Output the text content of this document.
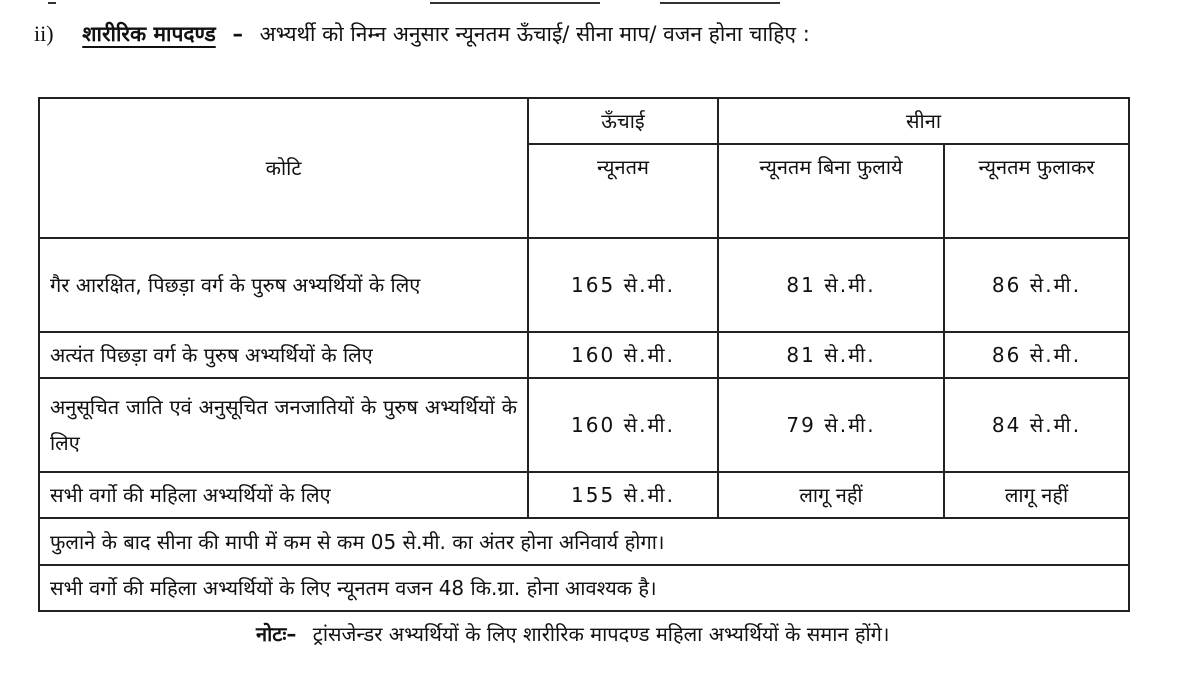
ii) शारीरिक मापदण्ड – अभ्यर्थी को निम्न अनुसार न्यूनतम ऊँचाई/ सीना माप/ वजन होना चाहिए :
कोटि	ऊँचाई	सीना	
	न्यूनतम	न्यूनतम बिना फुलाये	न्यूनतम फुलाकर
गैर आरक्षित, पिछड़ा वर्ग के पुरुष अभ्यर्थियों के लिए	165 से.मी.	81 से.मी.	86 से.मी.
अत्यंत पिछड़ा वर्ग के पुरुष अभ्यर्थियों के लिए	160 से.मी.	81 से.मी.	86 से.मी.
अनुसूचित जाति एवं अनुसूचित जनजातियों के पुरुष अभ्यर्थियों के लिए	160 से.मी.	79 से.मी.	84 से.मी.
सभी वर्गो की महिला अभ्यर्थियों के लिए	155 से.मी.	लागू नहीं	लागू नहीं
फुलाने के बाद सीना की मापी में कम से कम 05 से.मी. का अंतर होना अनिवार्य होगा।			
सभी वर्गो की महिला अभ्यर्थियों के लिए न्यूनतम वजन 48 कि.ग्रा. होना आवश्यक है।			
नोटः– ट्रांसजेन्डर अभ्यर्थियों के लिए शारीरिक मापदण्ड महिला अभ्यर्थियों के समान होंगे।
